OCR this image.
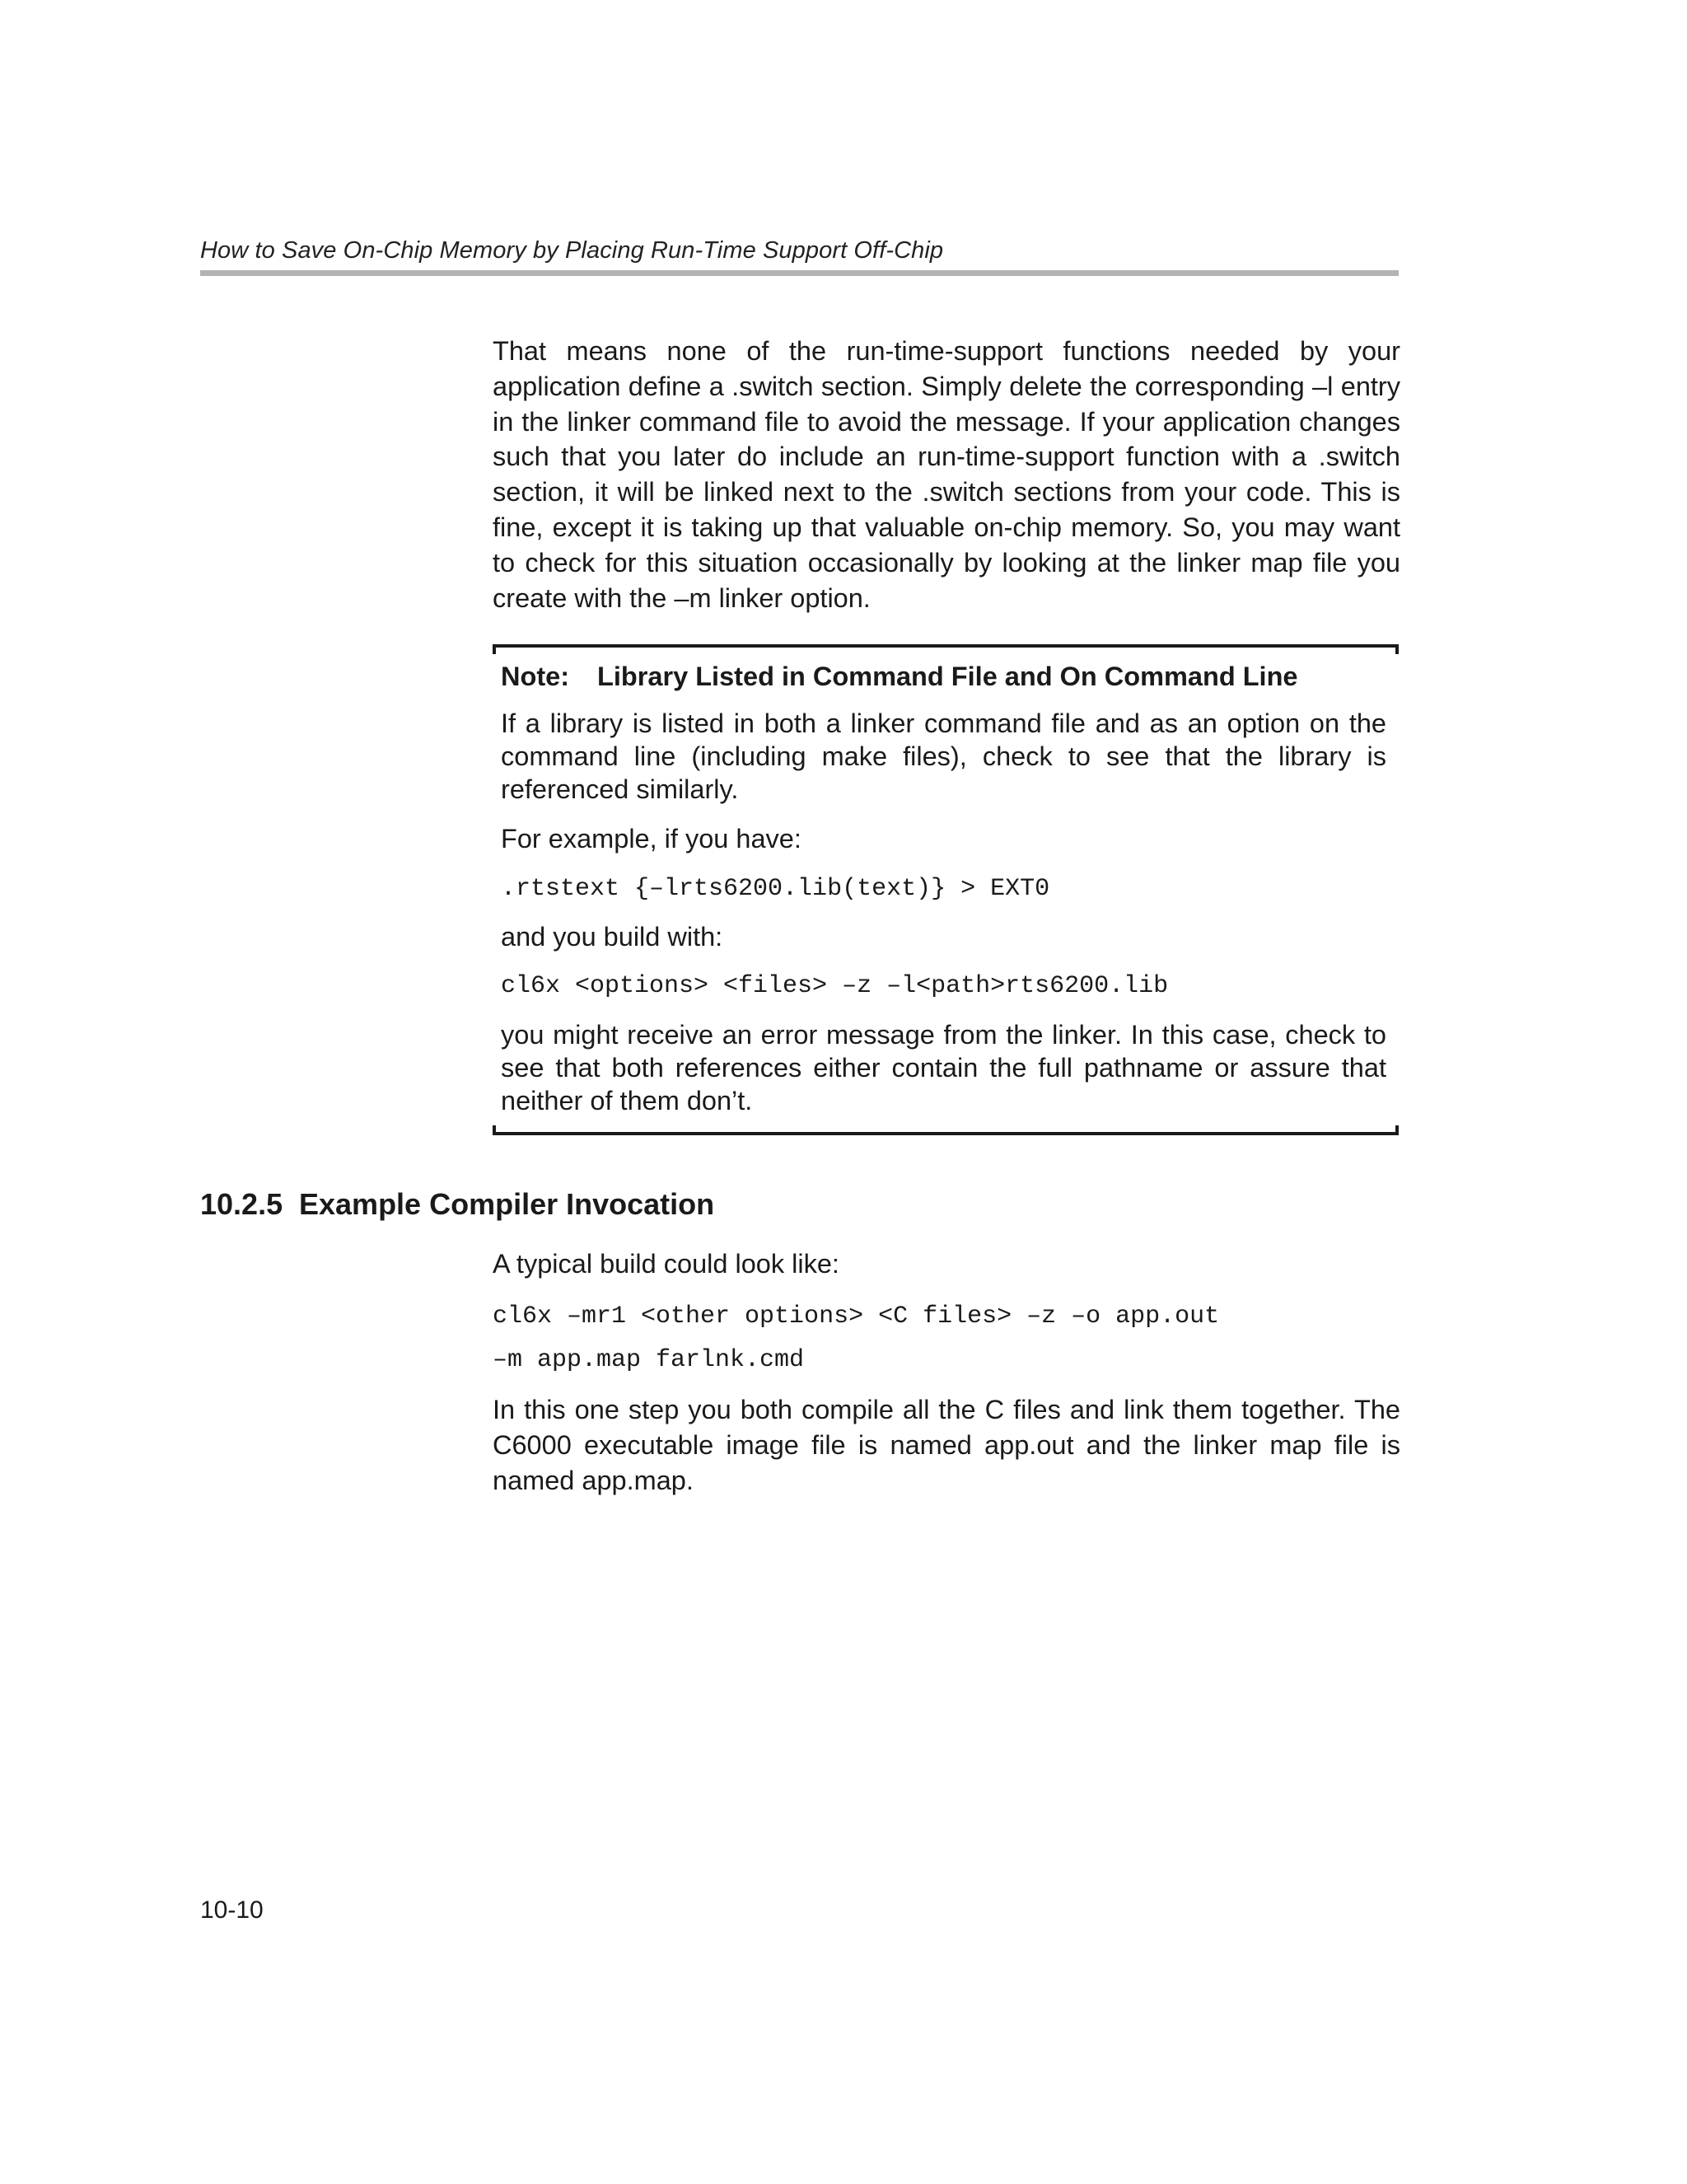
How to Save On-Chip Memory by Placing Run-Time Support Off-Chip

That means none of the run-time-support functions needed by your application define a .switch section. Simply delete the corresponding –l entry in the linker command file to avoid the message. If your application changes such that you later do include an run-time-support function with a .switch section, it will be linked next to the .switch sections from your code. This is fine, except it is taking up that valuable on-chip memory. So, you may want to check for this situation occasionally by looking at the linker map file you create with the –m linker option.

Note: Library Listed in Command File and On Command Line

If a library is listed in both a linker command file and as an option on the command line (including make files), check to see that the library is referenced similarly.

For example, if you have:

.rtstext {–lrts6200.lib(text)} > EXT0

and you build with:

cl6x <options> <files> –z –l<path>rts6200.lib

you might receive an error message from the linker. In this case, check to see that both references either contain the full pathname or assure that neither of them don’t.

10.2.5 Example Compiler Invocation

A typical build could look like:

cl6x –mr1 <other options> <C files> –z –o app.out

–m app.map farlnk.cmd

In this one step you both compile all the C files and link them together. The C6000 executable image file is named app.out and the linker map file is named app.map.

10-10
